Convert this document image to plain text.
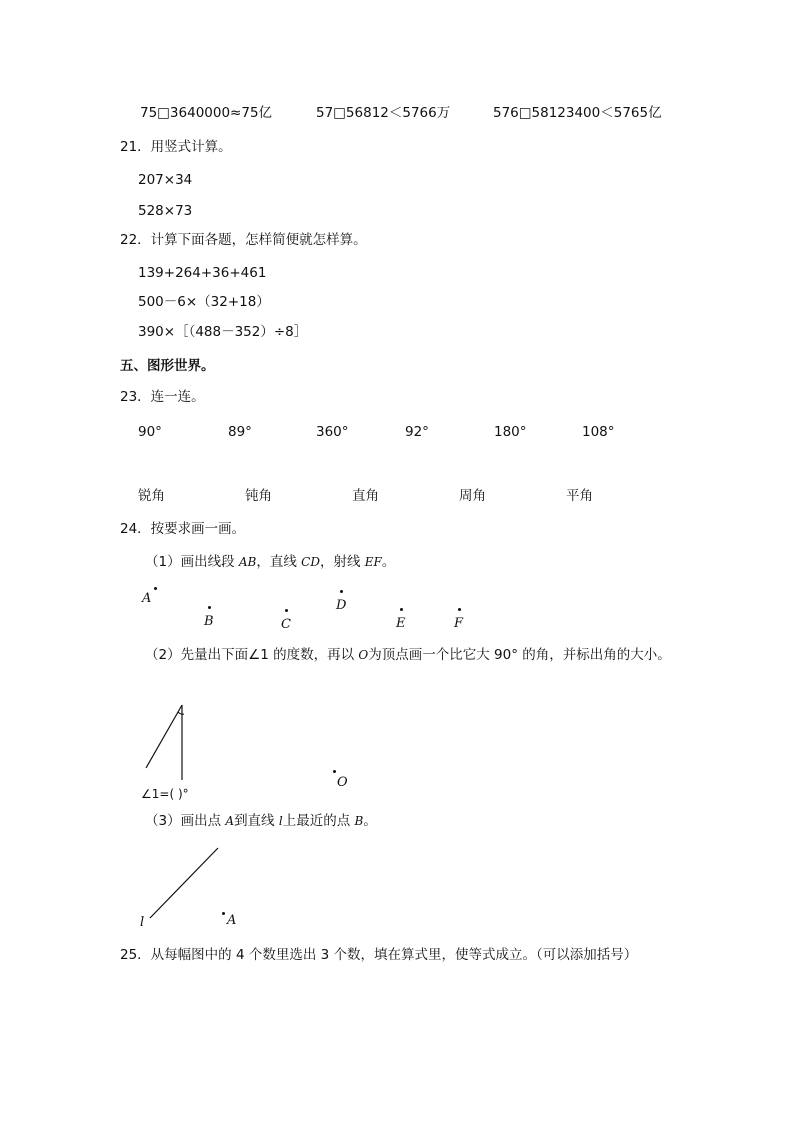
75□3640000≈75亿	57□56812＜5766万	576□58123400＜5765亿
21．用竖式计算。
207×34
528×73
22．计算下面各题，怎样简便就怎样算。
139+264+36+461
500－6×（32+18）
390×［（488－352）÷8］
五、图形世界。
23．连一连。
90°	89°	360°	92°	180°	108°
锐角	钝角	直角	周角	平角
24．按要求画一画。
（1）画出线段 AB，直线 CD，射线 EF。
A
B	C
D
E	F
（2）先量出下面∠1 的度数，再以 O为顶点画一个比它大 90° 的角，并标出角的大小。
∠1=( )°
O
（3）画出点 A到直线 l上最近的点 B。
l	A
25．从每幅图中的 4 个数里选出 3 个数，填在算式里，使等式成立。（可以添加括号）
